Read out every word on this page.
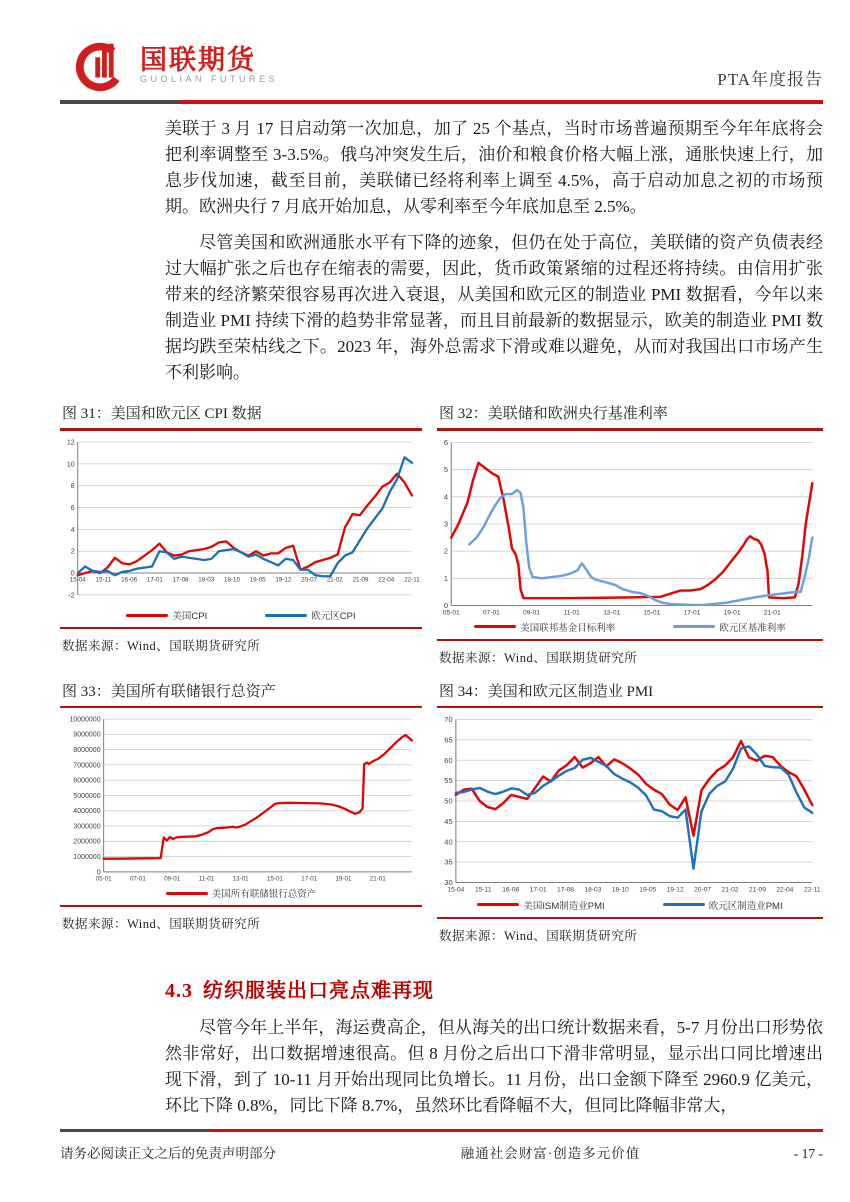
国联期货
GUOLIAN FUTURES	PTA年度报告

美联于 3 月 17 日启动第一次加息，加了 25 个基点，当时市场普遍预期至今年年底将会把利率调整至 3-3.5%。俄乌冲突发生后，油价和粮食价格大幅上涨，通胀快速上行，加息步伐加速，截至目前，美联储已经将利率上调至 4.5%，高于启动加息之初的市场预期。欧洲央行 7 月底开始加息，从零利率至今年底加息至 2.5%。

尽管美国和欧洲通胀水平有下降的迹象，但仍在处于高位，美联储的资产负债表经过大幅扩张之后也存在缩表的需要，因此，货币政策紧缩的过程还将持续。由信用扩张带来的经济繁荣很容易再次进入衰退，从美国和欧元区的制造业 PMI 数据看，今年以来制造业 PMI 持续下滑的趋势非常显著，而且目前最新的数据显示，欧美的制造业 PMI 数据均跌至荣枯线之下。2023 年，海外总需求下滑或难以避免，从而对我国出口市场产生不利影响。

图 31：美国和欧元区 CPI 数据
-2
0
2
4
6
8
10
12
15-04 15-11 16-06 17-01 17-08 18-03 18-10 19-05 19-12 20-07 21-02 21-09 22-04 22-11
美国CPI	欧元区CPI
数据来源：Wind、国联期货研究所
图 32：美联储和欧洲央行基准利率
0
1
2
3
4
5
6
05-01	07-01	09-01	11-01	13-01	15-01	17-01	19-01	21-01
美国联邦基金目标利率	欧元区基准利率
数据来源：Wind、国联期货研究所
图 33：美国所有联储银行总资产
0
1000000
2000000
3000000
4000000
5000000
6000000
7000000
8000000
9000000
10000000
05-01	07-01	09-01	11-01	13-01	15-01	17-01	19-01	21-01
美国所有联储银行总资产
数据来源：Wind、国联期货研究所
图 34：美国和欧元区制造业 PMI
30
35
40
45
50
55
60
65
70
15-04 15-11 16-06 17-01 17-08 18-03 18-10 19-05 19-12 20-07 21-02 21-09 22-04 22-11
美国ISM制造业PMI	欧元区制造业PMI
数据来源：Wind、国联期货研究所
4.3 纺织服装出口亮点难再现

尽管今年上半年，海运费高企，但从海关的出口统计数据来看，5-7 月份出口形势依然非常好，出口数据增速很高。但 8 月份之后出口下滑非常明显，显示出口同比增速出现下滑，到了 10-11 月开始出现同比负增长。11 月份，出口金额下降至 2960.9 亿美元，环比下降 0.8%，同比下降 8.7%，虽然环比看降幅不大，但同比降幅非常大，

请务必阅读正文之后的免责声明部分	融通社会财富·创造多元价值	- 17 -
